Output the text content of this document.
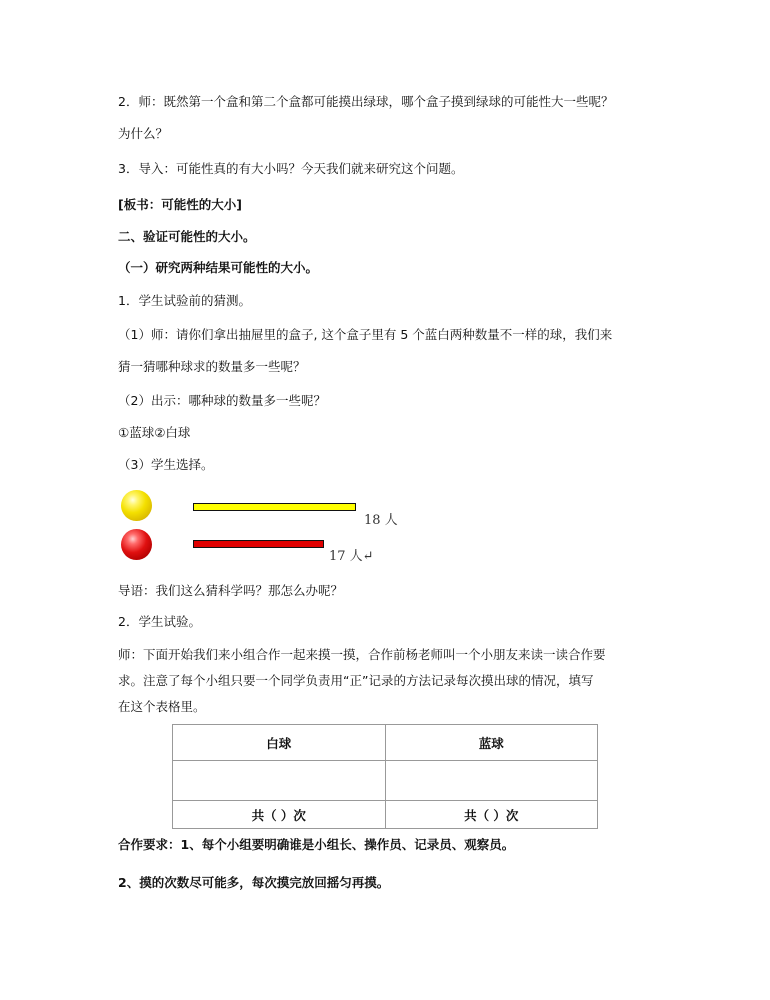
2．师：既然第一个盒和第二个盒都可能摸出绿球，哪个盒子摸到绿球的可能性大一些呢？
为什么？
3．导入：可能性真的有大小吗？今天我们就来研究这个问题。
[板书：可能性的大小]
二、验证可能性的大小。
（一）研究两种结果可能性的大小。
1．学生试验前的猜测。
（1）师：请你们拿出抽屉里的盒子, 这个盒子里有 5 个蓝白两种数量不一样的球，我们来
猜一猜哪种球求的数量多一些呢？
（2）出示：哪种球的数量多一些呢？
①蓝球②白球
（3）学生选择。
18 人
17 人↵
导语：我们这么猜科学吗？那怎么办呢？
2．学生试验。
师：下面开始我们来小组合作一起来摸一摸，合作前杨老师叫一个小朋友来读一读合作要
求。注意了每个小组只要一个同学负责用“正”记录的方法记录每次摸出球的情况，填写
在这个表格里。
白球	蓝球

共（ ）次	共（ ）次
合作要求：1、每个小组要明确谁是小组长、操作员、记录员、观察员。
2、摸的次数尽可能多，每次摸完放回摇匀再摸。
